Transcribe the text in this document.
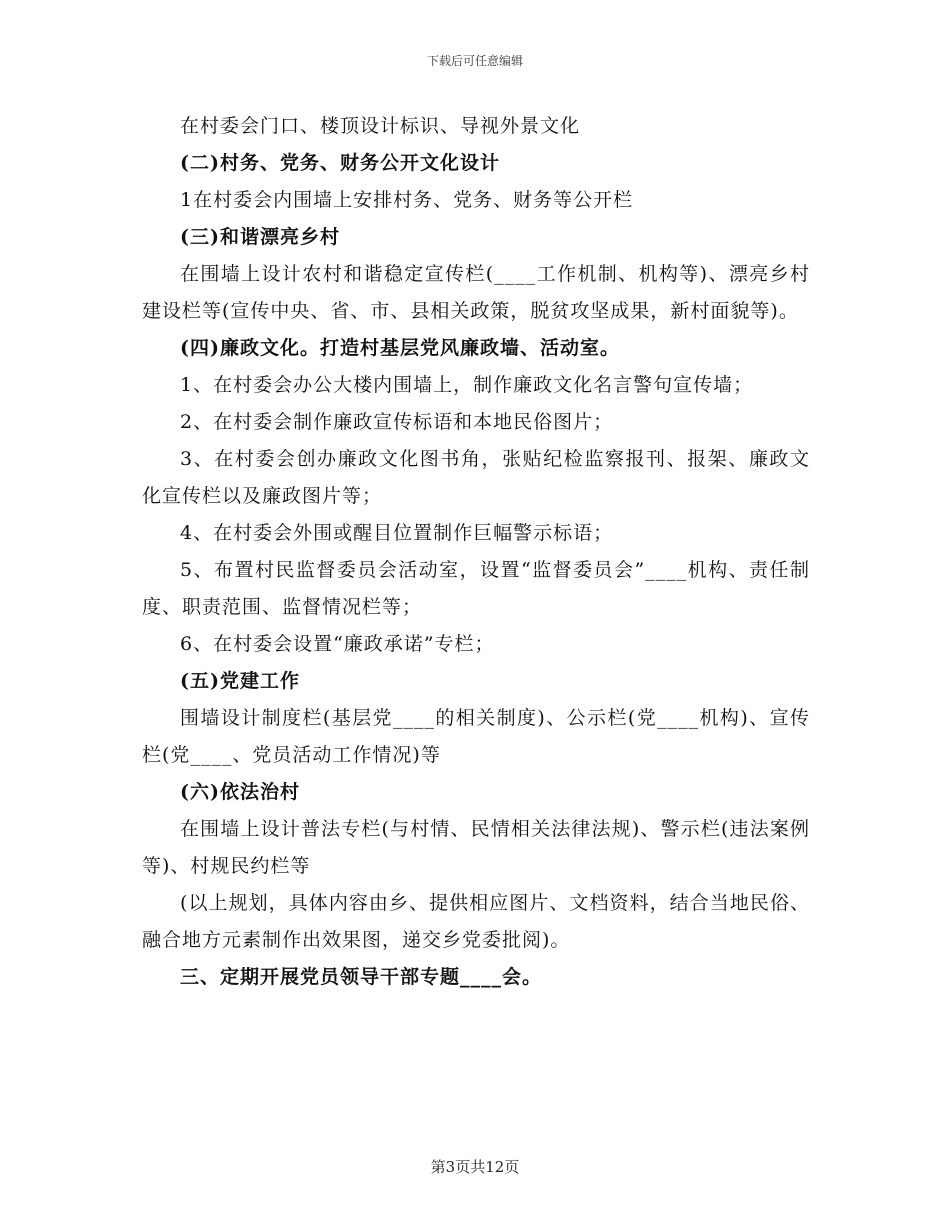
下载后可任意编辑

在村委会门口、楼顶设计标识、导视外景文化

(二)村务、党务、财务公开文化设计

1在村委会内围墙上安排村务、党务、财务等公开栏

(三)和谐漂亮乡村

在围墙上设计农村和谐稳定宣传栏(____工作机制、机构等)、漂亮乡村建设栏等(宣传中央、省、市、县相关政策，脱贫攻坚成果，新村面貌等)。

(四)廉政文化。打造村基层党风廉政墙、活动室。

1、在村委会办公大楼内围墙上，制作廉政文化名言警句宣传墙；

2、在村委会制作廉政宣传标语和本地民俗图片；

3、在村委会创办廉政文化图书角，张贴纪检监察报刊、报架、廉政文化宣传栏以及廉政图片等；

4、在村委会外围或醒目位置制作巨幅警示标语；

5、布置村民监督委员会活动室，设置“监督委员会”____机构、责任制度、职责范围、监督情况栏等；

6、在村委会设置“廉政承诺”专栏；

(五)党建工作

围墙设计制度栏(基层党____的相关制度)、公示栏(党____机构)、宣传栏(党____、党员活动工作情况)等

(六)依法治村

在围墙上设计普法专栏(与村情、民情相关法律法规)、警示栏(违法案例等)、村规民约栏等

(以上规划，具体内容由乡、提供相应图片、文档资料，结合当地民俗、融合地方元素制作出效果图，递交乡党委批阅)。

三、定期开展党员领导干部专题____会。

第3页共12页
